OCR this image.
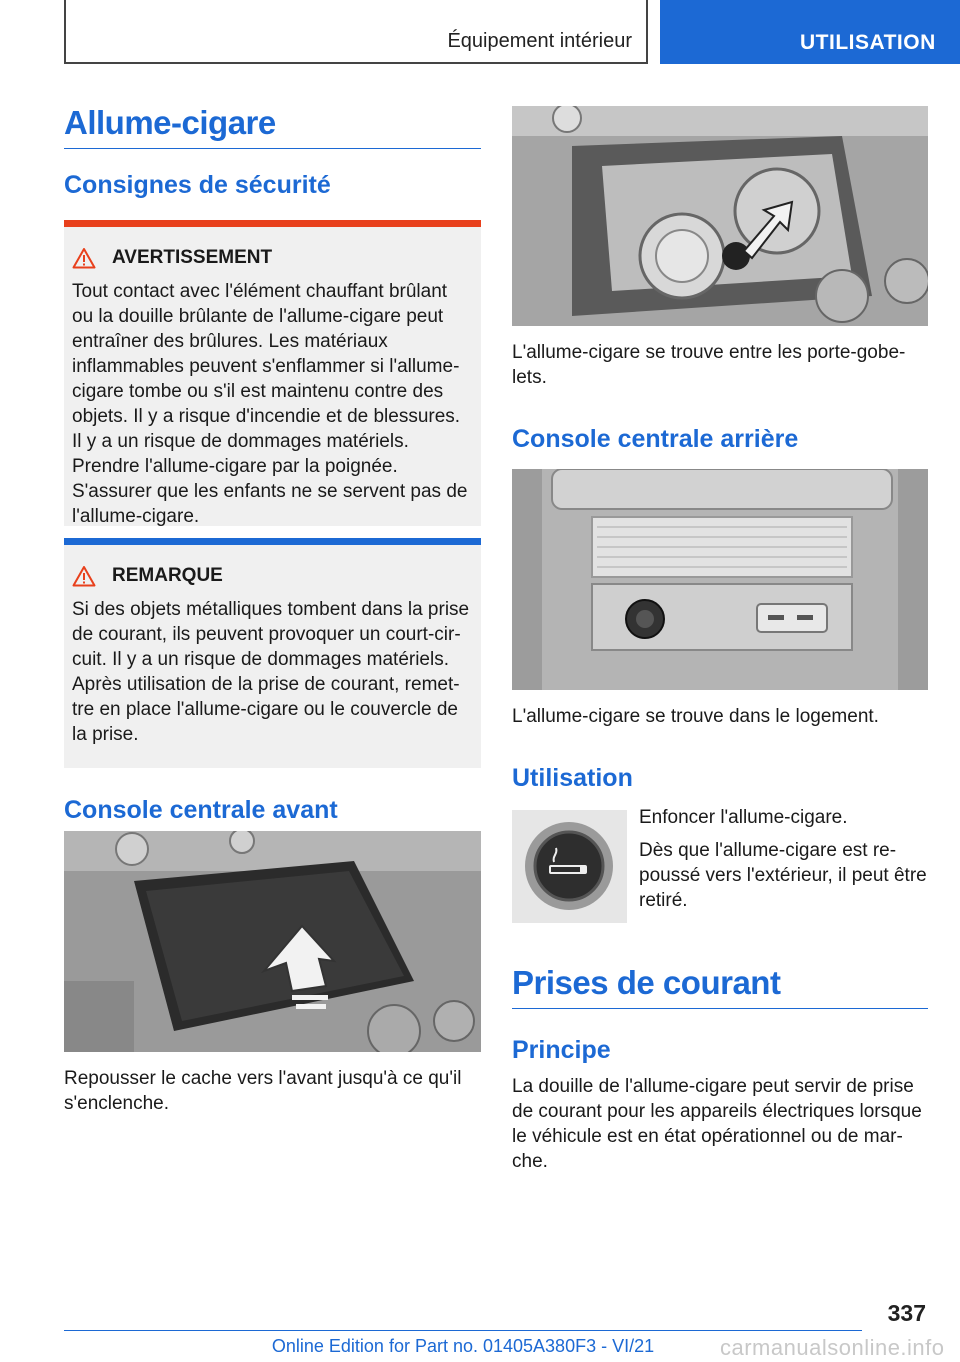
Équipement intérieur	UTILISATION
Allume-cigare
Consignes de sécurité
AVERTISSEMENT
Tout contact avec l'élément chauffant brûlant ou la douille brûlante de l'allume-cigare peut entraîner des brûlures. Les matériaux inflammables peuvent s'enflammer si l'allume-cigare tombe ou s'il est maintenu contre des objets. Il y a risque d'incendie et de blessures. Il y a un risque de dommages matériels. Prendre l'allume-cigare par la poignée. S'assurer que les enfants ne se servent pas de l'allume-cigare.
REMARQUE
Si des objets métalliques tombent dans la prise de courant, ils peuvent provoquer un court-circuit. Il y a un risque de dommages matériels. Après utilisation de la prise de courant, remettre en place l'allume-cigare ou le couvercle de la prise.
Console centrale avant
Repousser le cache vers l'avant jusqu'à ce qu'il s'enclenche.
L'allume-cigare se trouve entre les porte-gobelets.
Console centrale arrière
L'allume-cigare se trouve dans le logement.
Utilisation
Enfoncer l'allume-cigare.
Dès que l'allume-cigare est repoussé vers l'extérieur, il peut être retiré.
Prises de courant
Principe
La douille de l'allume-cigare peut servir de prise de courant pour les appareils électriques lorsque le véhicule est en état opérationnel ou de marche.
337
Online Edition for Part no. 01405A380F3 - VI/21	carmanualsonline.info
